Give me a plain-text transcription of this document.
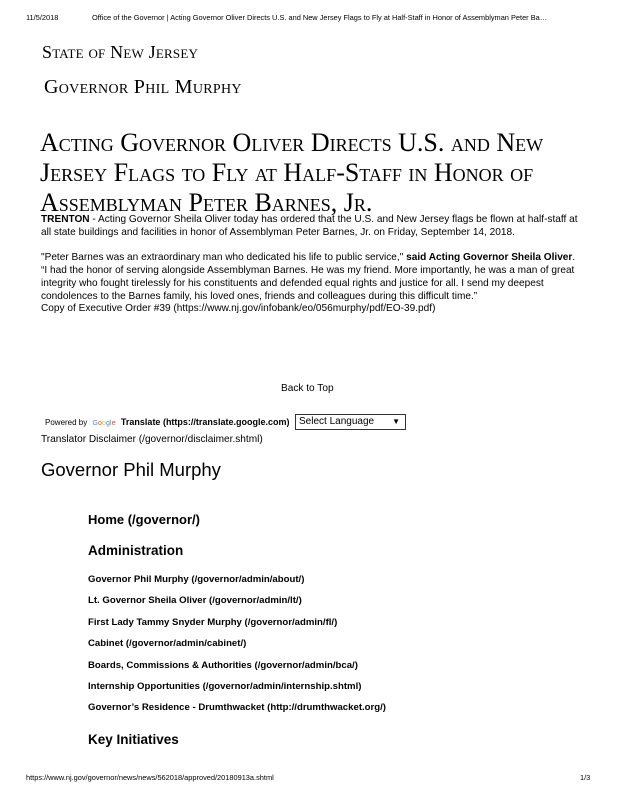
11/5/2018	Office of the Governor | Acting Governor Oliver Directs U.S. and New Jersey Flags to Fly at Half-Staff in Honor of Assemblyman Peter Ba…
State of New Jersey
Governor Phil Murphy
Acting Governor Oliver Directs U.S. and New Jersey Flags to Fly at Half-Staff in Honor of Assemblyman Peter Barnes, Jr.

TRENTON - Acting Governor Sheila Oliver today has ordered that the U.S. and New Jersey flags be flown at half-staff at all state buildings and facilities in honor of Assemblyman Peter Barnes, Jr. on Friday, September 14, 2018.

"Peter Barnes was an extraordinary man who dedicated his life to public service," said Acting Governor Sheila Oliver. “I had the honor of serving alongside Assemblyman Barnes. He was my friend. More importantly, he was a man of great integrity who fought tirelessly for his constituents and defended equal rights and justice for all. I send my deepest condolences to the Barnes family, his loved ones, friends and colleagues during this difficult time.”

Copy of Executive Order #39 (https://www.nj.gov/infobank/eo/056murphy/pdf/EO-39.pdf)

Back to Top
Powered by Google Translate (https://translate.google.com) Select Language ▼
Translator Disclaimer (/governor/disclaimer.shtml)
Governor Phil Murphy
Home (/governor/)
Administration
Governor Phil Murphy (/governor/admin/about/)
Lt. Governor Sheila Oliver (/governor/admin/lt/)
First Lady Tammy Snyder Murphy (/governor/admin/fl/)
Cabinet (/governor/admin/cabinet/)
Boards, Commissions & Authorities (/governor/admin/bca/)
Internship Opportunities (/governor/admin/internship.shtml)
Governor’s Residence - Drumthwacket (http://drumthwacket.org/)
Key Initiatives
https://www.nj.gov/governor/news/news/562018/approved/20180913a.shtml	1/3
